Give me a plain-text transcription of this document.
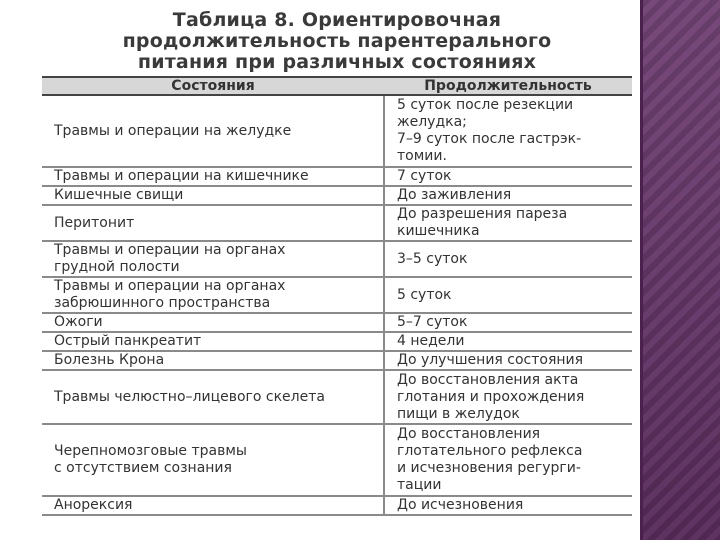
Таблица 8. Ориентировочная
продолжительность парентерального
питания при различных состояниях
Состояния	Продолжительность
Травмы и операции на желудке	5 суток после резекции
желудка;
7–9 суток после гастрэк-
томии.
Травмы и операции на кишечнике	7 суток
Кишечные свищи	До заживления
Перитонит	До разрешения пареза
кишечника
Травмы и операции на органах
грудной полости	3–5 суток
Травмы и операции на органах
забрюшинного пространства	5 суток
Ожоги	5–7 суток
Острый панкреатит	4 недели
Болезнь Крона	До улучшения состояния
Травмы челюстно–лицевого скелета	До восстановления акта
глотания и прохождения
пищи в желудок
Черепномозговые травмы
с отсутствием сознания	До восстановления
глотательного рефлекса
и исчезновения регурги-
тации
Анорексия	До исчезновения
